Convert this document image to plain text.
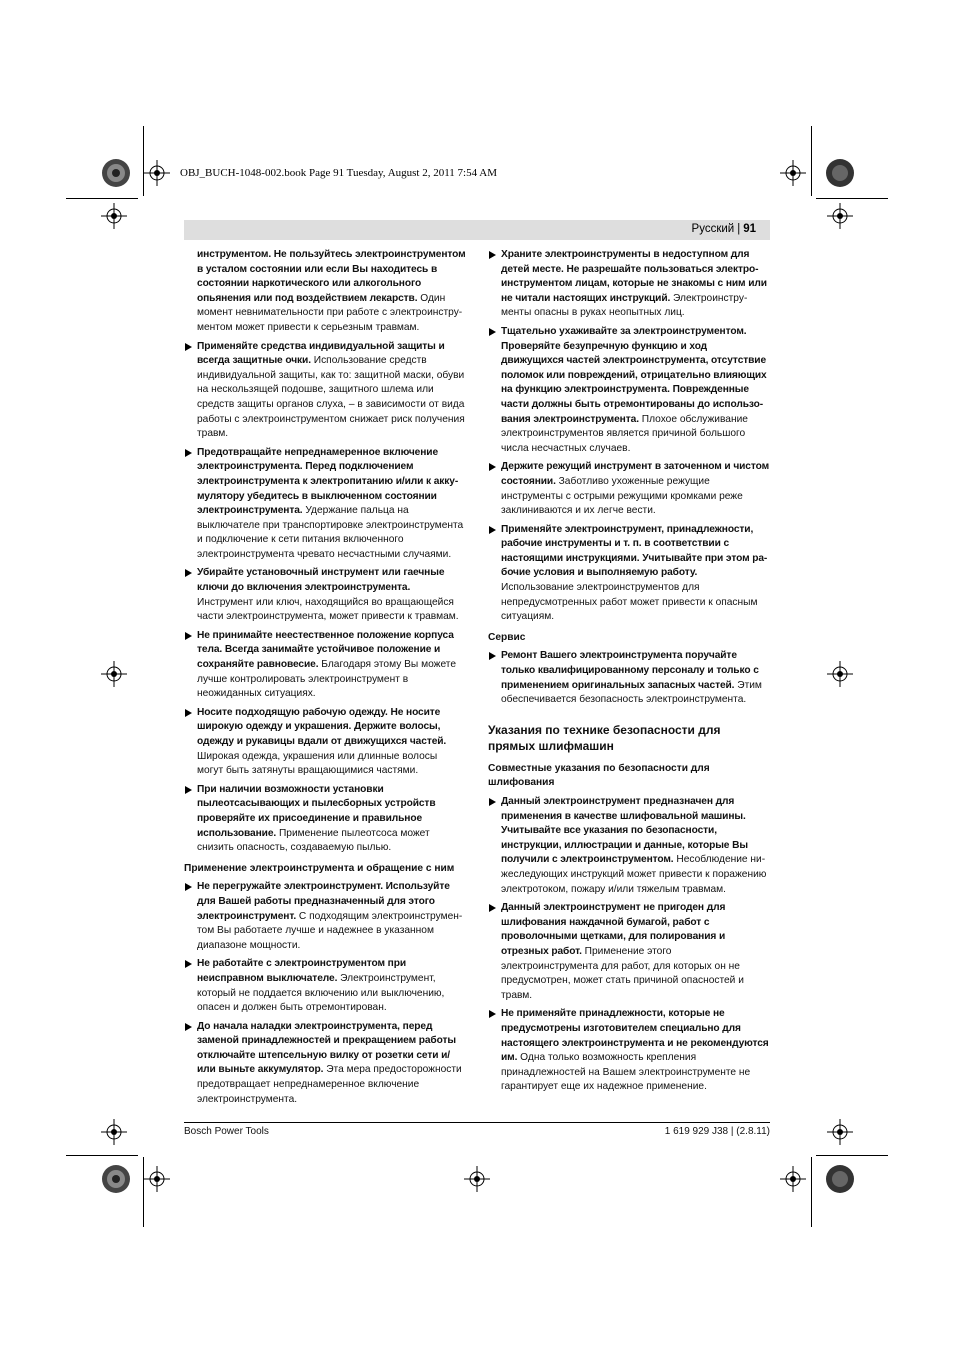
OBJ_BUCH-1048-002.book Page 91 Tuesday, August 2, 2011 7:54 AM
Русский | 91
инструментом. Не пользуйтесь электроинструментом в усталом состоянии или если Вы находитесь в состоянии наркотического или алкогольного опьянения или под воздействием лекарств. Один момент невнимательности при работе с электроинструментом может привести к серьезным травмам.
Применяйте средства индивидуальной защиты и всегда защитные очки. Использование средств индивидуальной защиты, как то: защитной маски, обуви на нескользящей подошве, защитного шлема или средств защиты органов слуха, – в зависимости от вида работы с электроинструментом снижает риск получения травм.
Предотвращайте непреднамеренное включение электроинструмента. Перед подключением электроинструмента к электропитанию и/или к аккумулятору убедитесь в выключенном состоянии электроинструмента. Удержание пальца на выключателе при транспортировке электроинструмента и подключение к сети питания включенного электроинструмента чревато несчастными случаями.
Убирайте установочный инструмент или гаечные ключи до включения электроинструмента. Инструмент или ключ, находящийся во вращающейся части электроинструмента, может привести к травмам.
Не принимайте неестественное положение корпуса тела. Всегда занимайте устойчивое положение и сохраняйте равновесие. Благодаря этому Вы можете лучше контролировать электроинструмент в неожиданных ситуациях.
Носите подходящую рабочую одежду. Не носите широкую одежду и украшения. Держите волосы, одежду и рукавицы вдали от движущихся частей. Широкая одежда, украшения или длинные волосы могут быть затянуты вращающимися частями.
При наличии возможности установки пылеотсасывающих и пылесборных устройств проверяйте их присоединение и правильное использование. Применение пылеотсоса может снизить опасность, создаваемую пылью.
Применение электроинструмента и обращение с ним
Не перегружайте электроинструмент. Используйте для Вашей работы предназначенный для этого электроинструмент. С подходящим электроинструментом Вы работаете лучше и надежнее в указанном диапазоне мощности.
Не работайте с электроинструментом при неисправном выключателе. Электроинструмент, который не поддается включению или выключению, опасен и должен быть отремонтирован.
До начала наладки электроинструмента, перед заменой принадлежностей и прекращением работы отключайте штепсельную вилку от розетки сети и/или выньте аккумулятор. Эта мера предосторожности предотвращает непреднамеренное включение электроинструмента.
Храните электроинструменты в недоступном для детей месте. Не разрешайте пользоваться электроинструментом лицам, которые не знакомы с ним или не читали настоящих инструкций. Электроинструменты опасны в руках неопытных лиц.
Тщательно ухаживайте за электроинструментом. Проверяйте безупречную функцию и ход движущихся частей электроинструмента, отсутствие поломок или повреждений, отрицательно влияющих на функцию электроинструмента. Поврежденные части должны быть отремонтированы до использования электроинструмента. Плохое обслуживание электроинструментов является причиной большого числа несчастных случаев.
Держите режущий инструмент в заточенном и чистом состоянии. Заботливо ухоженные режущие инструменты с острыми режущими кромками реже заклиниваются и их легче вести.
Применяйте электроинструмент, принадлежности, рабочие инструменты и т. п. в соответствии с настоящими инструкциями. Учитывайте при этом рабочие условия и выполняемую работу. Использование электроинструментов для непредусмотренных работ может привести к опасным ситуациям.
Сервис
Ремонт Вашего электроинструмента поручайте только квалифицированному персоналу и только с применением оригинальных запасных частей. Этим обеспечивается безопасность электроинструмента.
Указания по технике безопасности для прямых шлифмашин
Совместные указания по безопасности для шлифования
Данный электроинструмент предназначен для применения в качестве шлифовальной машины. Учитывайте все указания по безопасности, инструкции, иллюстрации и данные, которые Вы получили с электроинструментом. Несоблюдение нижеследующих инструкций может привести к поражению электротоком, пожару и/или тяжелым травмам.
Данный электроинструмент не пригоден для шлифования наждачной бумагой, работ с проволочными щетками, для полирования и отрезных работ. Применение этого электроинструмента для работ, для которых он не предусмотрен, может стать причиной опасностей и травм.
Не применяйте принадлежности, которые не предусмотрены изготовителем специально для настоящего электроинструмента и не рекомендуются им. Одна только возможность крепления принадлежностей на Вашем электроинструменте не гарантирует еще их надежное применение.
Bosch Power Tools	1 619 929 J38 | (2.8.11)
